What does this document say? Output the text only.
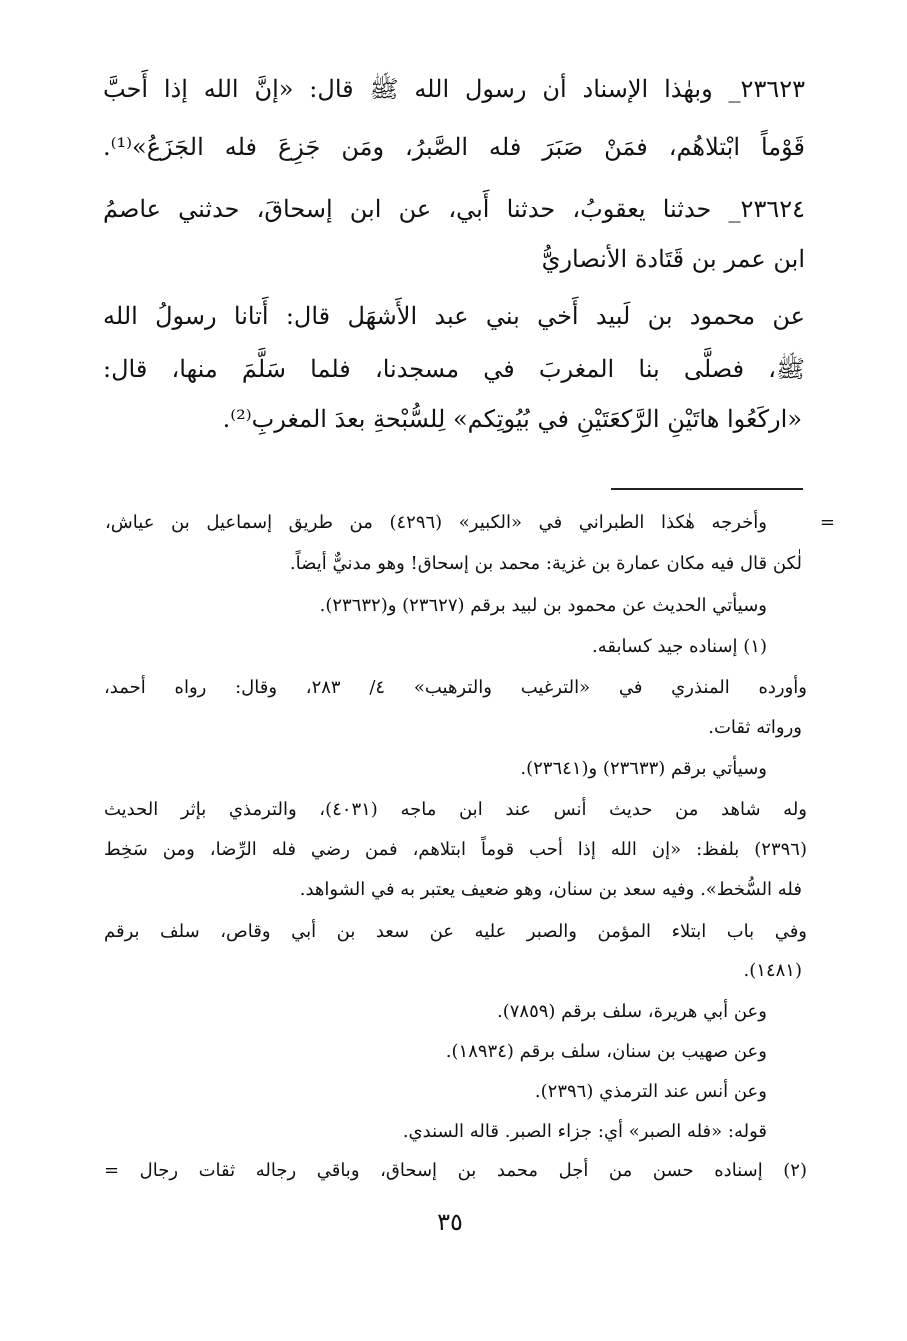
٢٣٦٢٣_ وبهٰذا الإسناد أن رسول الله ﷺ قال: «إنَّ الله إذا أَحبَّ
قَوْماً ابْتلاهُم، فمَنْ صَبَرَ فله الصَّبرُ، ومَن جَزِعَ فله الجَزَعُ»⁽¹⁾.
٢٣٦٢٤_ حدثنا يعقوبُ، حدثنا أَبي، عن ابن إسحاقَ، حدثني عاصمُ
ابن عمر بن قَتَادة الأنصاريُّ
عن محمود بن لَبيد أَخي بني عبد الأَشهَل قال: أَتانا رسولُ الله
ﷺ، فصلَّى بنا المغربَ في مسجدنا، فلما سَلَّمَ منها، قال:
«اركَعُوا هاتَيْنِ الرَّكعَتَيْنِ في بُيُوتِكم» لِلسُّبْحةِ بعدَ المغربِ⁽²⁾.
=
وأخرجه هٰكذا الطبراني في «الكبير» (٤٢٩٦) من طريق إسماعيل بن عياش،
لٰكن قال فيه مكان عمارة بن غزية: محمد بن إسحاق! وهو مدنيٌّ أيضاً.
وسيأتي الحديث عن محمود بن لبيد برقم (٢٣٦٢٧) و(٢٣٦٣٢).
(١) إسناده جيد كسابقه.
وأورده المنذري في «الترغيب والترهيب» ٤/ ٢٨٣، وقال: رواه أحمد،
ورواته ثقات.
وسيأتي برقم (٢٣٦٣٣) و(٢٣٦٤١).
وله شاهد من حديث أنس عند ابن ماجه (٤٠٣١)، والترمذي بإثر الحديث
(٢٣٩٦) بلفظ: «إن الله إذا أحب قوماً ابتلاهم، فمن رضي فله الرِّضا، ومن سَخِط
فله السُّخط». وفيه سعد بن سنان، وهو ضعيف يعتبر به في الشواهد.
وفي باب ابتلاء المؤمن والصبر عليه عن سعد بن أبي وقاص، سلف برقم
(١٤٨١).
وعن أبي هريرة، سلف برقم (٧٨٥٩).
وعن صهيب بن سنان، سلف برقم (١٨٩٣٤).
وعن أنس عند الترمذي (٢٣٩٦).
قوله: «فله الصبر» أي: جزاء الصبر. قاله السندي.
(٢) إسناده حسن من أجل محمد بن إسحاق، وباقي رجاله ثقات رجال =
٣٥
